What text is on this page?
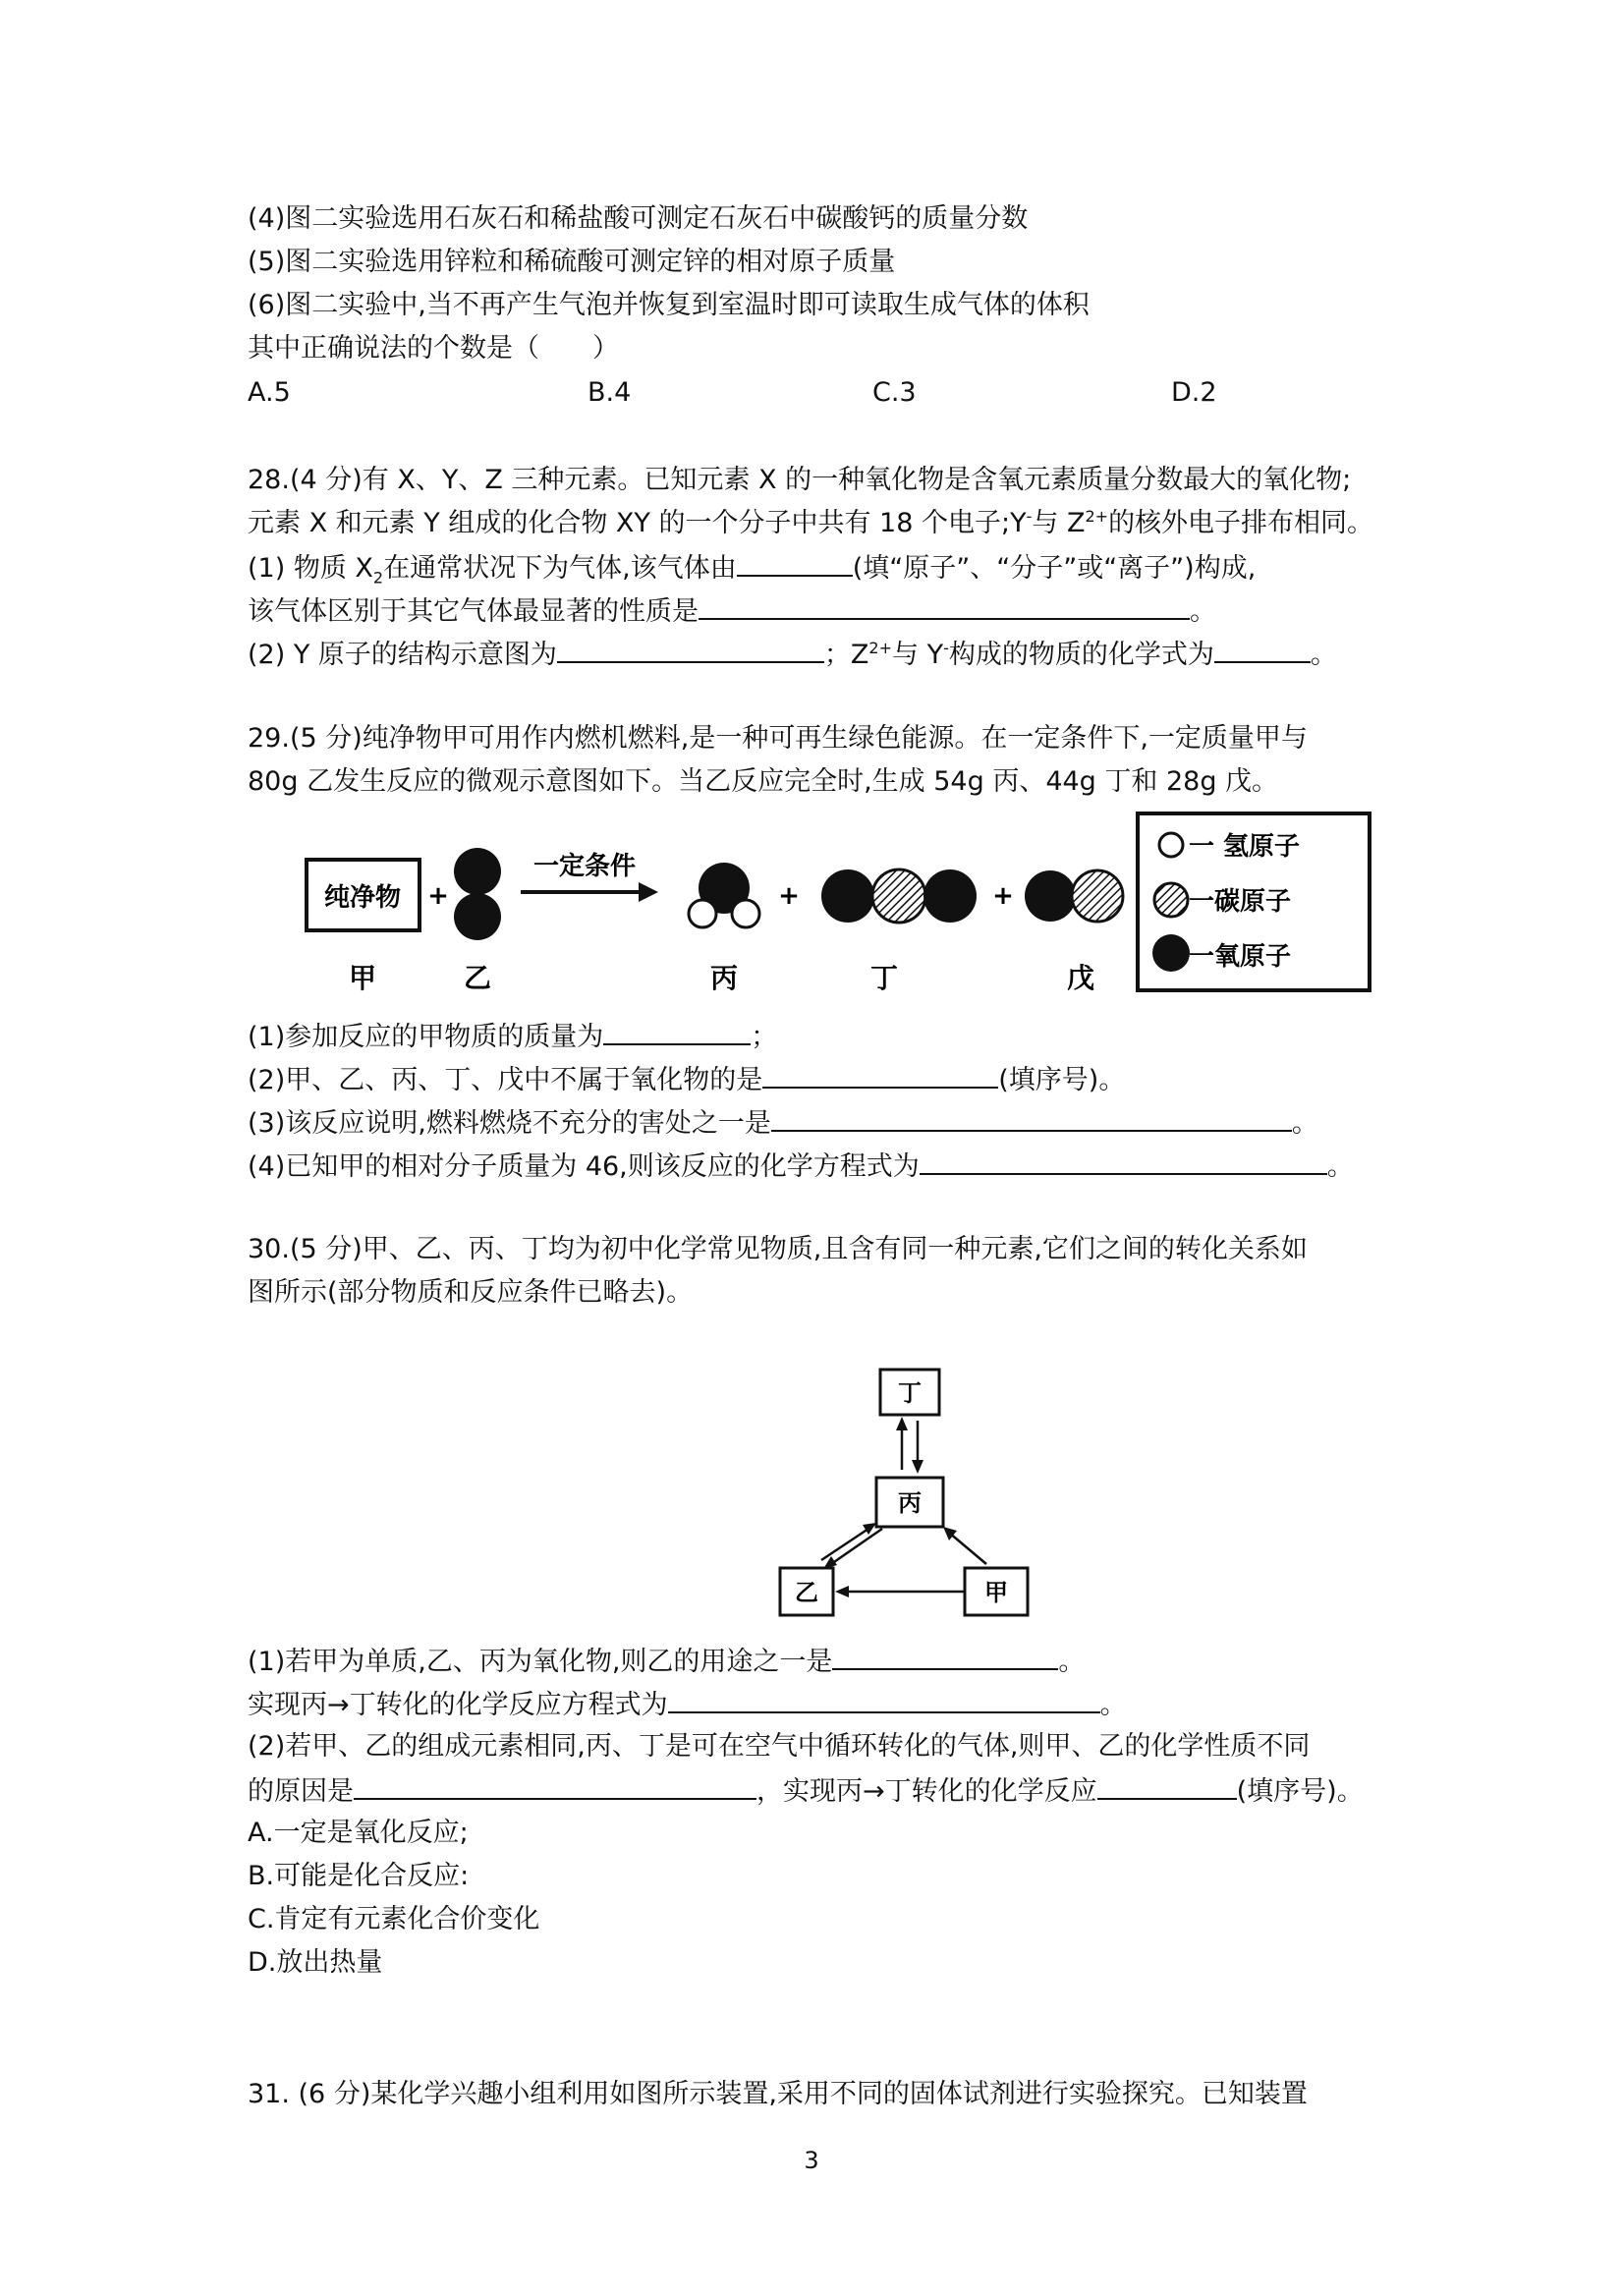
(4)图二实验选用石灰石和稀盐酸可测定石灰石中碳酸钙的质量分数
(5)图二实验选用锌粒和稀硫酸可测定锌的相对原子质量
(6)图二实验中,当不再产生气泡并恢复到室温时即可读取生成气体的体积
其中正确说法的个数是（　　）
A.5	B.4	C.3	D.2
28.(4 分)有 X、Y、Z 三种元素。已知元素 X 的一种氧化物是含氧元素质量分数最大的氧化物;
元素 X 和元素 Y 组成的化合物 XY 的一个分子中共有 18 个电子;Y-与 $Z^{2+}$的核外电子排布相同。
(1) 物质 $X_2$在通常状况下为气体,该气体由	(填“原子”、“分子”或“离子”)构成,
该气体区别于其它气体最显著的性质是	。
(2) Y 原子的结构示意图为	；$Z^{2+}$与 Y-构成的物质的化学式为	。
29.(5 分)纯净物甲可用作内燃机燃料,是一种可再生绿色能源。在一定条件下,一定质量甲与
80g 乙发生反应的微观示意图如下。当乙反应完全时,生成 54g 丙、44g 丁和 28g 戊。
纯净物 +
一定条件
+	+
甲	乙	丙	丁	戊
一 氢原子
一碳原子
一氧原子
(1)参加反应的甲物质的质量为	；
(2)甲、乙、丙、丁、戊中不属于氧化物的是	(填序号)。
(3)该反应说明,燃料燃烧不充分的害处之一是	。
(4)已知甲的相对分子质量为 46,则该反应的化学方程式为	。
30.(5 分)甲、乙、丙、丁均为初中化学常见物质,且含有同一种元素,它们之间的转化关系如
图所示(部分物质和反应条件已略去)。
丁
丙
乙	甲
(1)若甲为单质,乙、丙为氧化物,则乙的用途之一是	。
实现丙→丁转化的化学反应方程式为	。
(2)若甲、乙的组成元素相同,丙、丁是可在空气中循环转化的气体,则甲、乙的化学性质不同
的原因是	，实现丙→丁转化的化学反应	(填序号)。
A.一定是氧化反应;
B.可能是化合反应:
C.肯定有元素化合价变化
D.放出热量
31. (6 分)某化学兴趣小组利用如图所示装置,采用不同的固体试剂进行实验探究。已知装置
3
